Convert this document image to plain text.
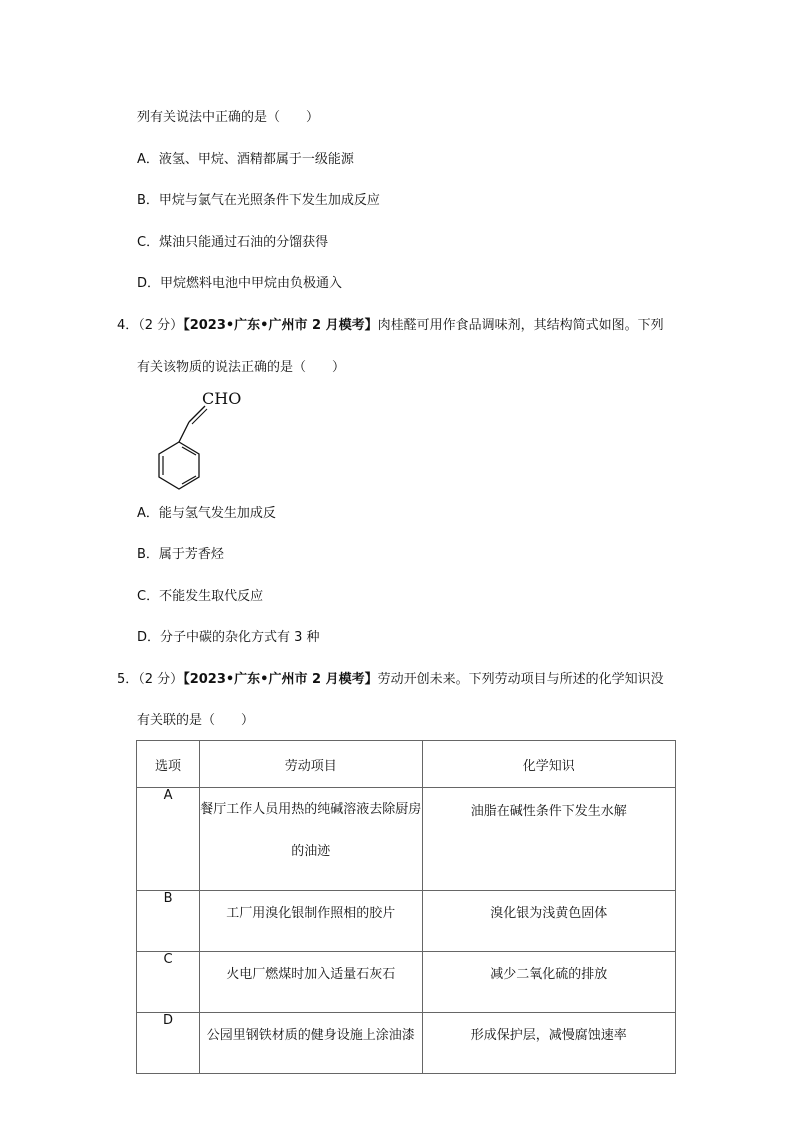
列有关说法中正确的是（　　）
A．液氢、甲烷、酒精都属于一级能源
B．甲烷与氯气在光照条件下发生加成反应
C．煤油只能通过石油的分馏获得
D．甲烷燃料电池中甲烷由负极通入
4．（2 分）【2023•广东•广州市 2 月模考】肉桂醛可用作食品调味剂，其结构简式如图。下列
有关该物质的说法正确的是（　　）
CHO
A．能与氢气发生加成反
B．属于芳香烃
C．不能发生取代反应
D．分子中碳的杂化方式有 3 种
5．（2 分）【2023•广东•广州市 2 月模考】劳动开创未来。下列劳动项目与所述的化学知识没
有关联的是（　　）
选项	劳动项目	化学知识
A	餐厅工作人员用热的纯碱溶液去除厨房
的油迹	油脂在碱性条件下发生水解
B	工厂用溴化银制作照相的胶片	溴化银为浅黄色固体
C	火电厂燃煤时加入适量石灰石	减少二氧化硫的排放
D	公园里钢铁材质的健身设施上涂油漆	形成保护层，减慢腐蚀速率
